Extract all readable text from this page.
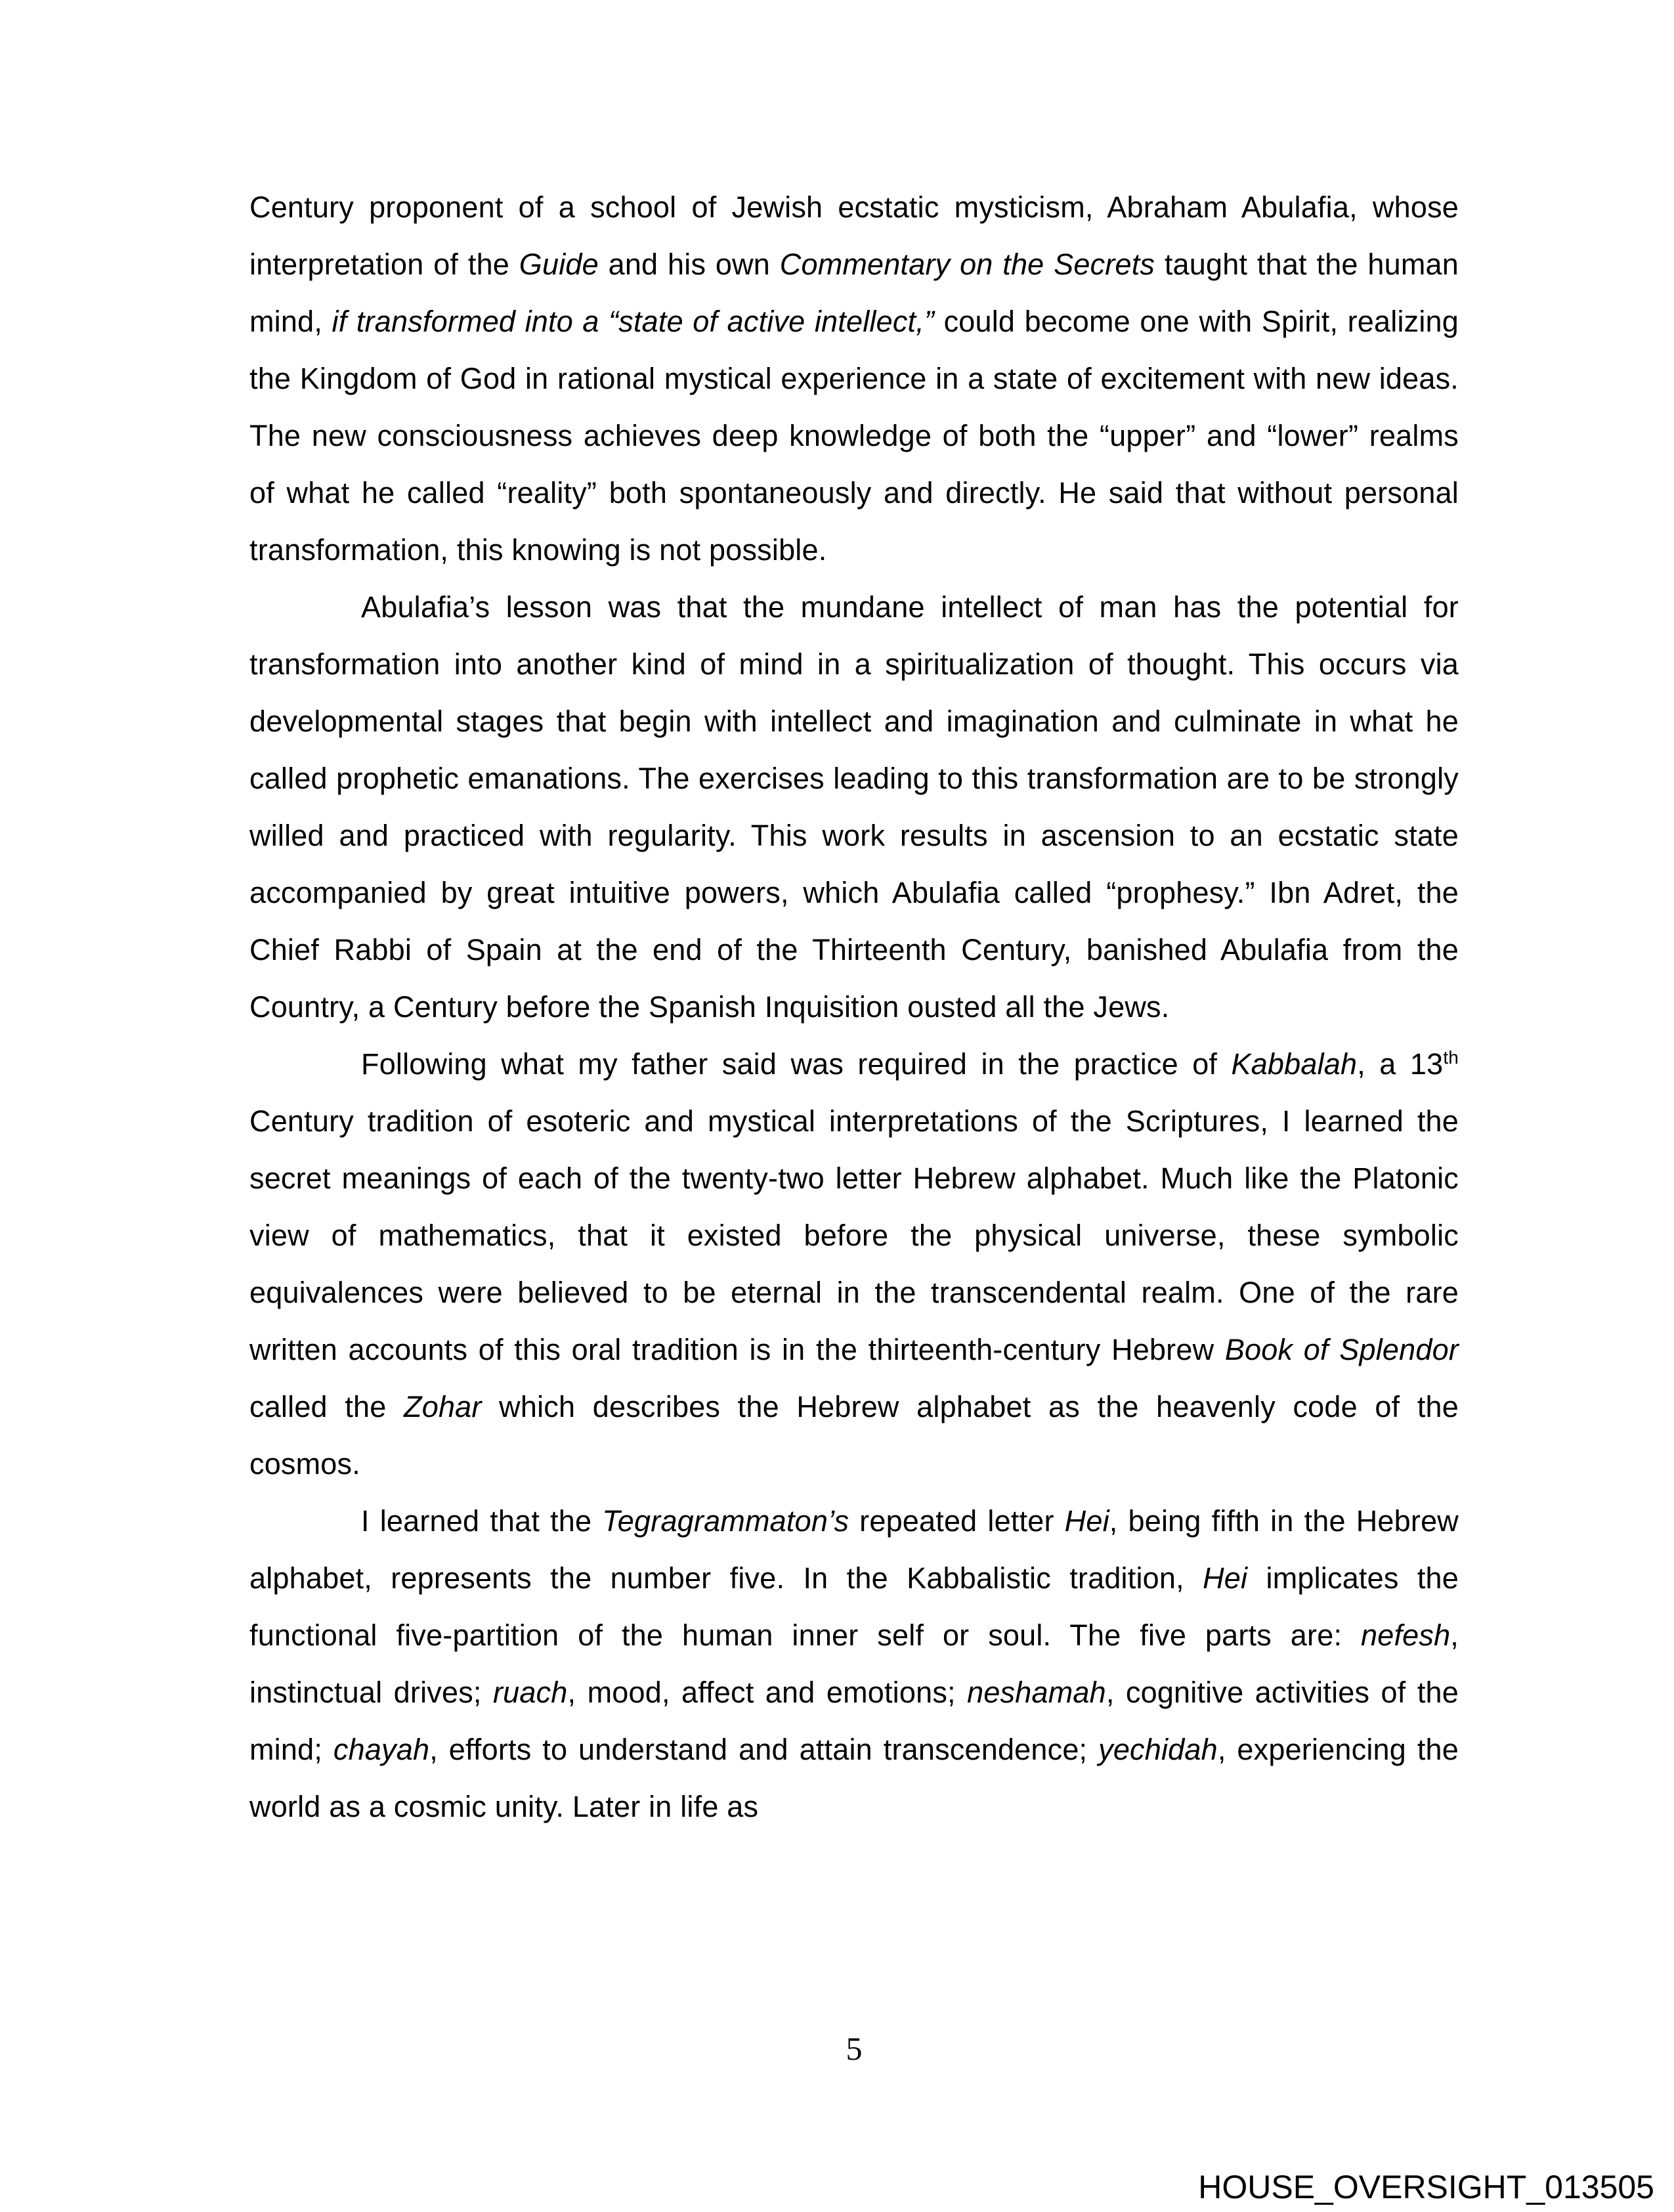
Century proponent of a school of Jewish ecstatic mysticism, Abraham Abulafia, whose interpretation of the Guide and his own Commentary on the Secrets taught that the human mind, if transformed into a “state of active intellect,” could become one with Spirit, realizing the Kingdom of God in rational mystical experience in a state of excitement with new ideas. The new consciousness achieves deep knowledge of both the “upper” and “lower” realms of what he called “reality” both spontaneously and directly. He said that without personal transformation, this knowing is not possible.

Abulafia’s lesson was that the mundane intellect of man has the potential for transformation into another kind of mind in a spiritualization of thought. This occurs via developmental stages that begin with intellect and imagination and culminate in what he called prophetic emanations. The exercises leading to this transformation are to be strongly willed and practiced with regularity. This work results in ascension to an ecstatic state accompanied by great intuitive powers, which Abulafia called “prophesy.” Ibn Adret, the Chief Rabbi of Spain at the end of the Thirteenth Century, banished Abulafia from the Country, a Century before the Spanish Inquisition ousted all the Jews.

Following what my father said was required in the practice of Kabbalah, a 13th Century tradition of esoteric and mystical interpretations of the Scriptures, I learned the secret meanings of each of the twenty-two letter Hebrew alphabet. Much like the Platonic view of mathematics, that it existed before the physical universe, these symbolic equivalences were believed to be eternal in the transcendental realm. One of the rare written accounts of this oral tradition is in the thirteenth-century Hebrew Book of Splendor called the Zohar which describes the Hebrew alphabet as the heavenly code of the cosmos.

I learned that the Tegragrammaton’s repeated letter Hei, being fifth in the Hebrew alphabet, represents the number five. In the Kabbalistic tradition, Hei implicates the functional five-partition of the human inner self or soul. The five parts are: nefesh, instinctual drives; ruach, mood, affect and emotions; neshamah, cognitive activities of the mind; chayah, efforts to understand and attain transcendence; yechidah, experiencing the world as a cosmic unity. Later in life as

5
HOUSE_OVERSIGHT_013505
